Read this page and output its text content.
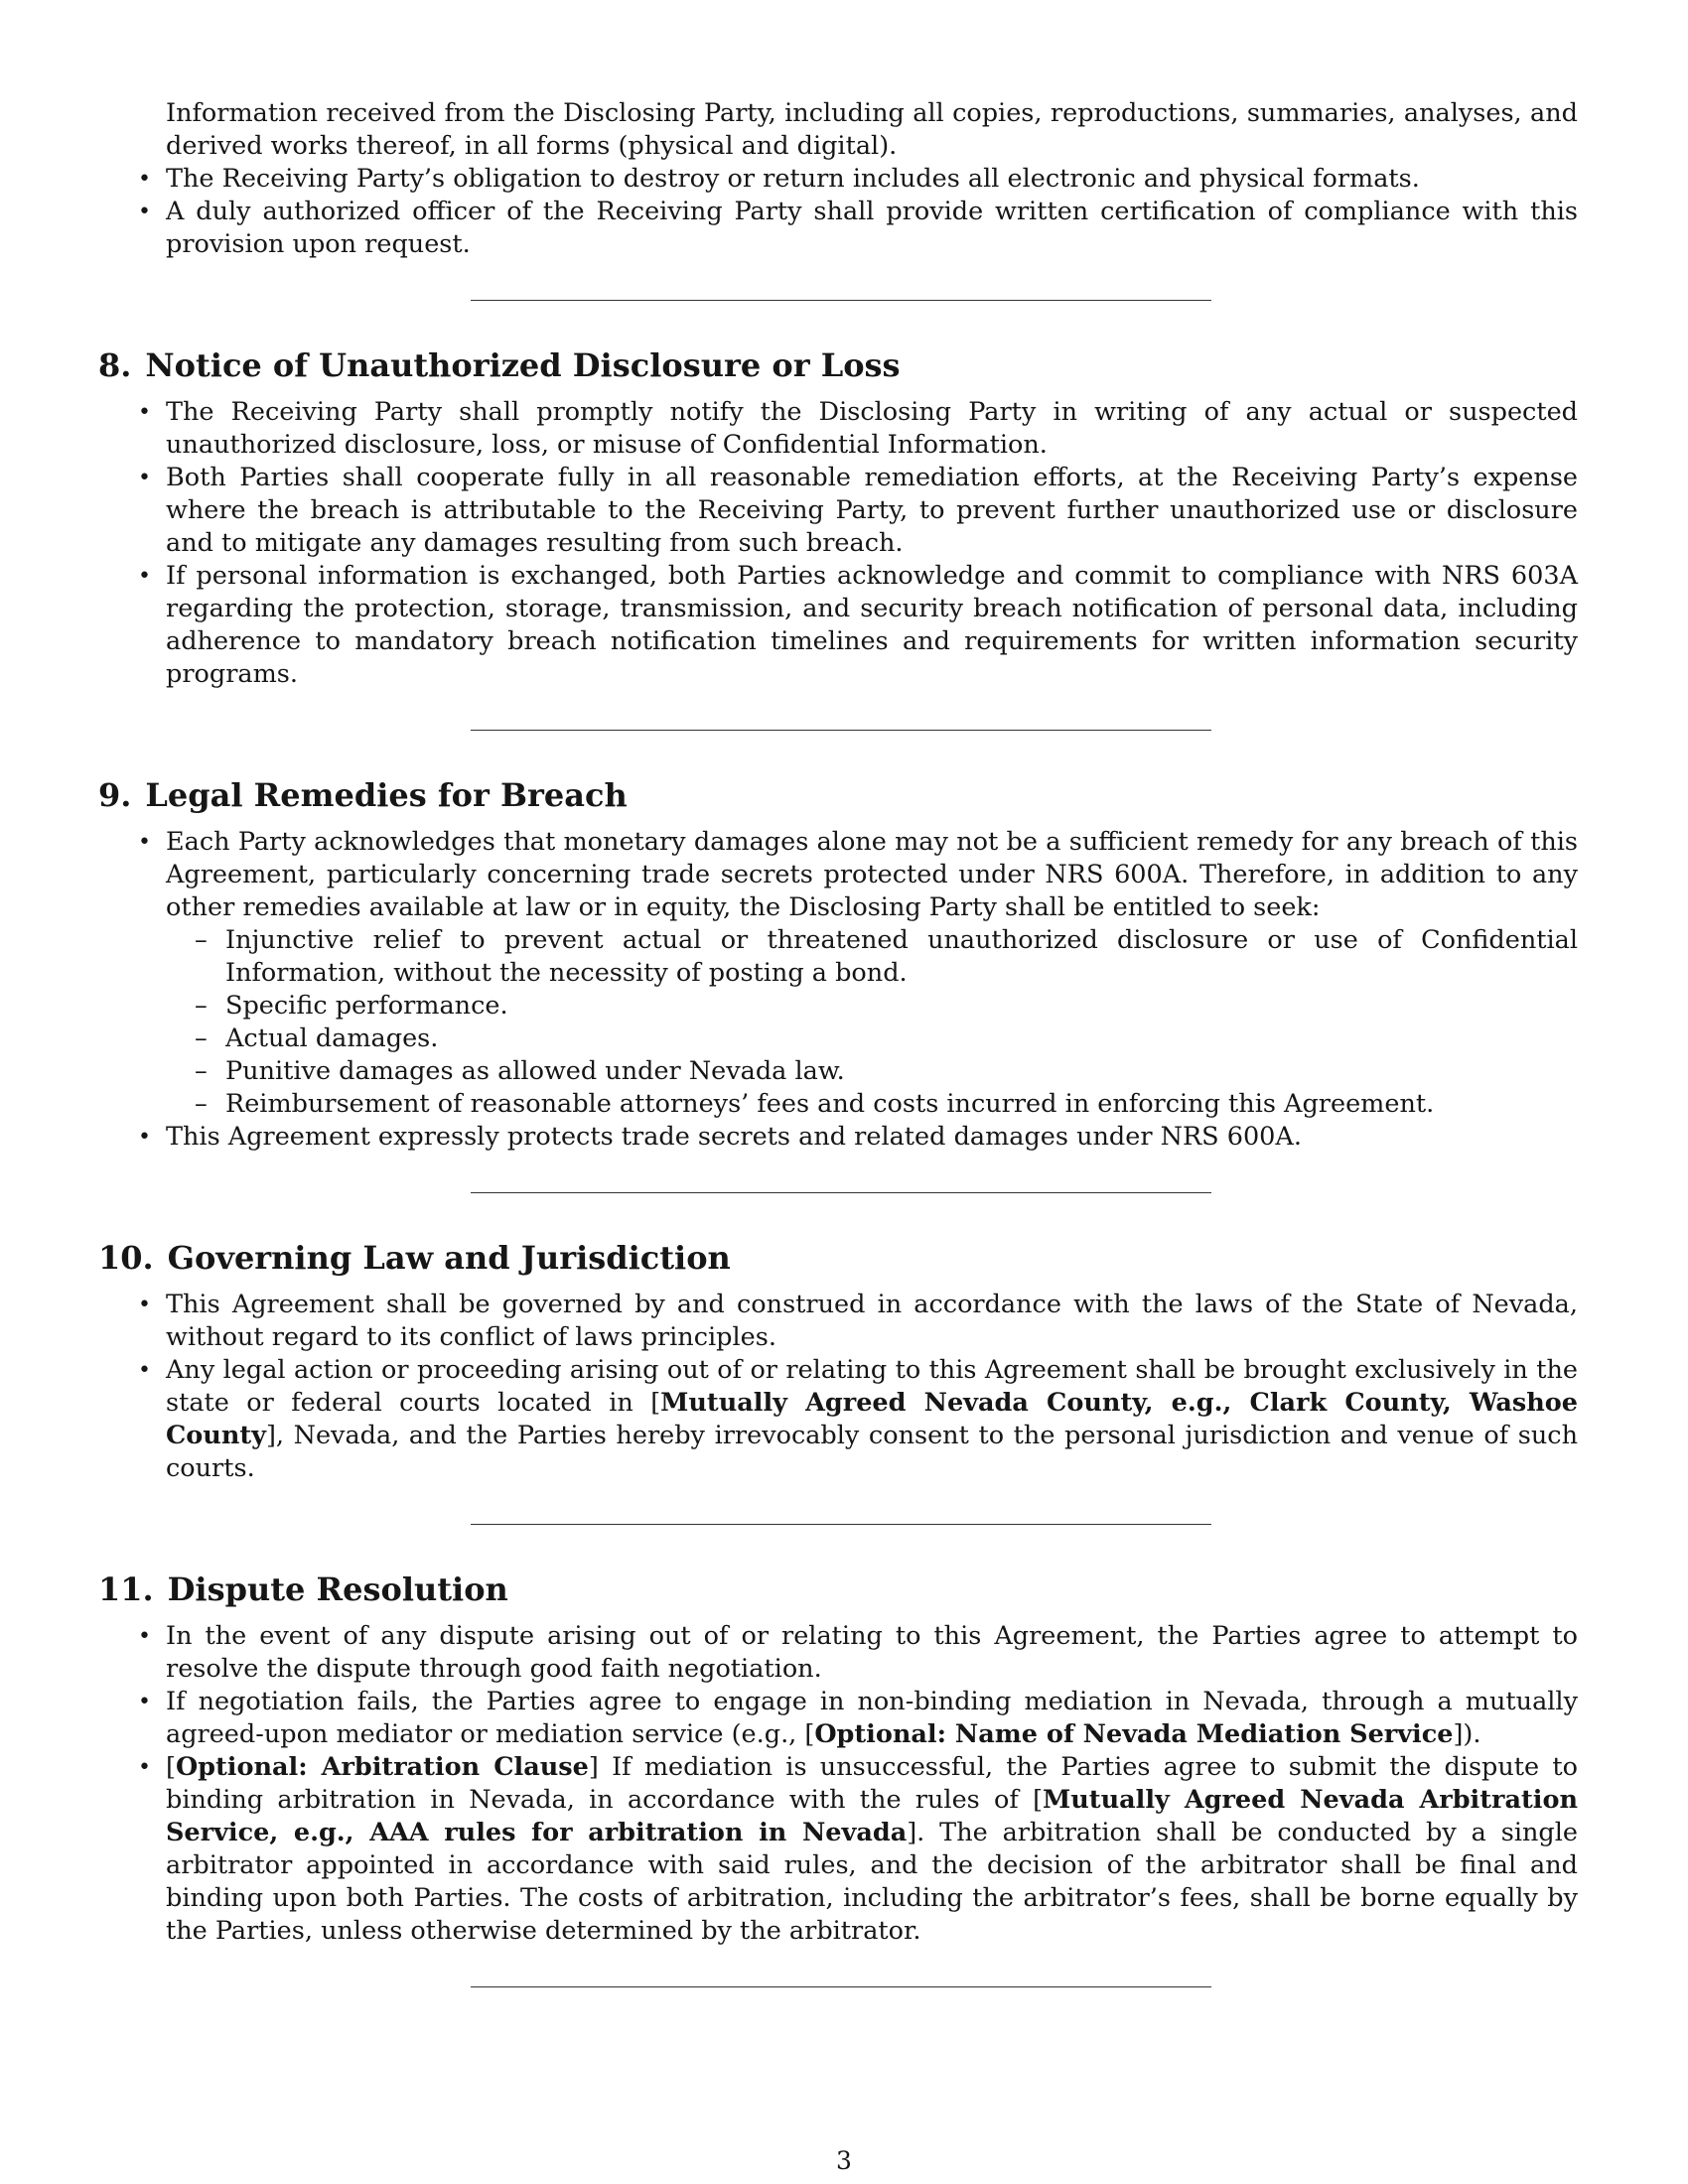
Information received from the Disclosing Party, including all copies, reproductions, summaries, analyses, and derived works thereof, in all forms (physical and digital).
• The Receiving Party’s obligation to destroy or return includes all electronic and physical formats.
• A duly authorized officer of the Receiving Party shall provide written certification of compliance with this provision upon request.
8. Notice of Unauthorized Disclosure or Loss
• The Receiving Party shall promptly notify the Disclosing Party in writing of any actual or suspected unauthorized disclosure, loss, or misuse of Confidential Information.
• Both Parties shall cooperate fully in all reasonable remediation efforts, at the Receiving Party’s expense where the breach is attributable to the Receiving Party, to prevent further unauthorized use or disclosure and to mitigate any damages resulting from such breach.
• If personal information is exchanged, both Parties acknowledge and commit to compliance with NRS 603A regarding the protection, storage, transmission, and security breach notification of personal data, including adherence to mandatory breach notification timelines and requirements for written information security programs.
9. Legal Remedies for Breach
• Each Party acknowledges that monetary damages alone may not be a sufficient remedy for any breach of this Agreement, particularly concerning trade secrets protected under NRS 600A. Therefore, in addition to any other remedies available at law or in equity, the Disclosing Party shall be entitled to seek:
– Injunctive relief to prevent actual or threatened unauthorized disclosure or use of Confidential Information, without the necessity of posting a bond.
– Specific performance.
– Actual damages.
– Punitive damages as allowed under Nevada law.
– Reimbursement of reasonable attorneys’ fees and costs incurred in enforcing this Agreement.
• This Agreement expressly protects trade secrets and related damages under NRS 600A.
10. Governing Law and Jurisdiction
• This Agreement shall be governed by and construed in accordance with the laws of the State of Nevada, without regard to its conflict of laws principles.
• Any legal action or proceeding arising out of or relating to this Agreement shall be brought exclusively in the state or federal courts located in [Mutually Agreed Nevada County, e.g., Clark County, Washoe County], Nevada, and the Parties hereby irrevocably consent to the personal jurisdiction and venue of such courts.
11. Dispute Resolution
• In the event of any dispute arising out of or relating to this Agreement, the Parties agree to attempt to resolve the dispute through good faith negotiation.
• If negotiation fails, the Parties agree to engage in non-binding mediation in Nevada, through a mutually agreed-upon mediator or mediation service (e.g., [Optional: Name of Nevada Mediation Service]).
• [Optional: Arbitration Clause] If mediation is unsuccessful, the Parties agree to submit the dispute to binding arbitration in Nevada, in accordance with the rules of [Mutually Agreed Nevada Arbitration Service, e.g., AAA rules for arbitration in Nevada]. The arbitration shall be conducted by a single arbitrator appointed in accordance with said rules, and the decision of the arbitrator shall be final and binding upon both Parties. The costs of arbitration, including the arbitrator’s fees, shall be borne equally by the Parties, unless otherwise determined by the arbitrator.
3
